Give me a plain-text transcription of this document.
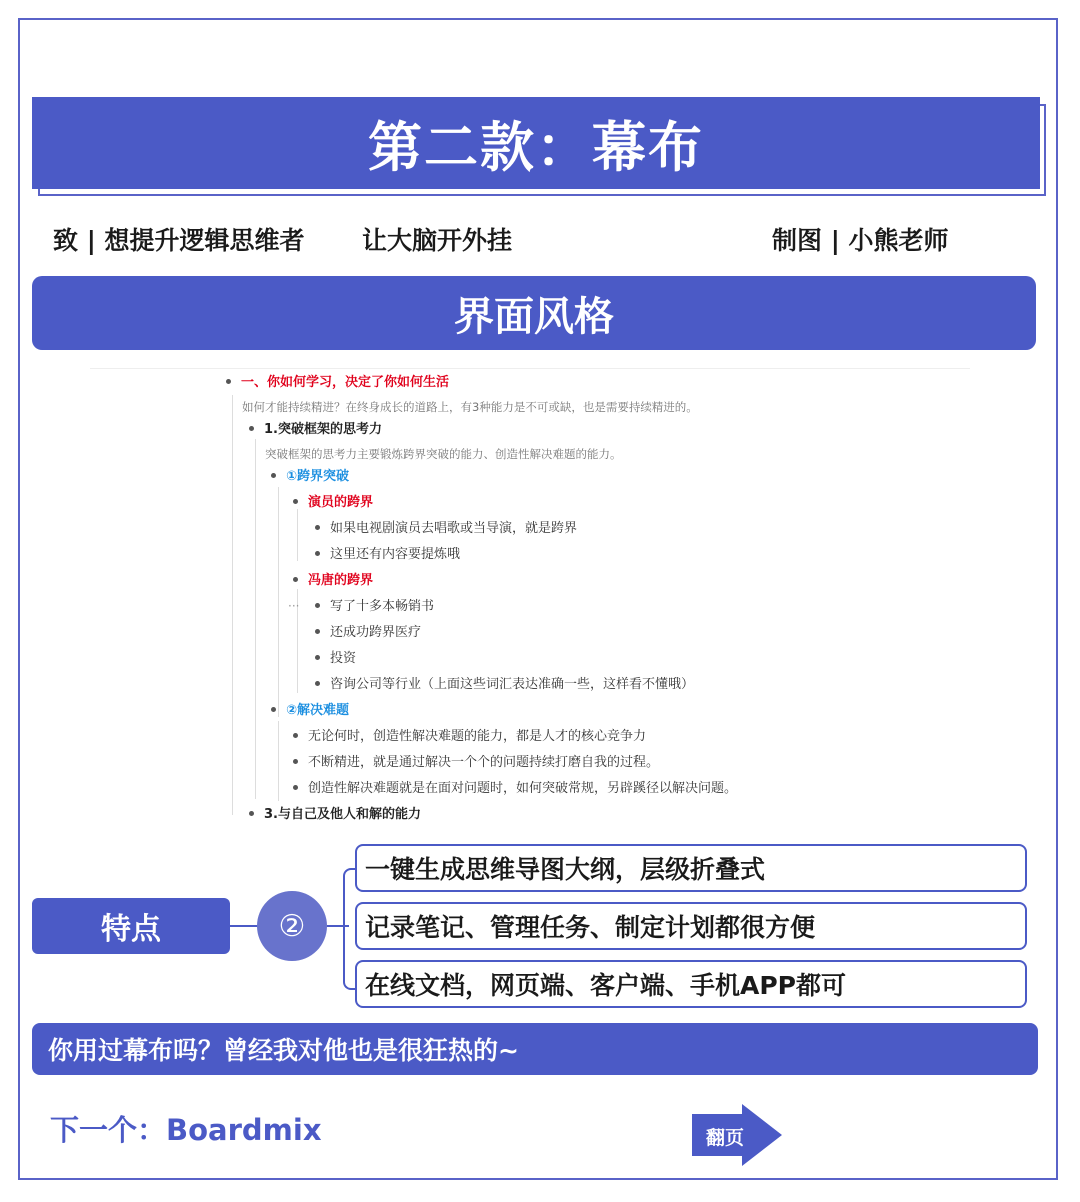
第二款：幕布
致 | 想提升逻辑思维者 让大脑开外挂	制图 | 小熊老师
界面风格
一、你如何学习，决定了你如何生活
如何才能持续精进？在终身成长的道路上，有3种能力是不可或缺，也是需要持续精进的。
1.突破框架的思考力
突破框架的思考力主要锻炼跨界突破的能力、创造性解决难题的能力。
①跨界突破
演员的跨界
如果电视剧演员去唱歌或当导演，就是跨界
这里还有内容要提炼哦
冯唐的跨界
···	写了十多本畅销书
还成功跨界医疗
投资
咨询公司等行业（上面这些词汇表达准确一些，这样看不懂哦）
②解决难题
无论何时，创造性解决难题的能力，都是人才的核心竞争力
不断精进，就是通过解决一个个的问题持续打磨自我的过程。
创造性解决难题就是在面对问题时，如何突破常规，另辟蹊径以解决问题。
3.与自己及他人和解的能力
特点	②
一键生成思维导图大纲，层级折叠式
记录笔记、管理任务、制定计划都很方便
在线文档，网页端、客户端、手机APP都可
你用过幕布吗？曾经我对他也是很狂热的~
下一个：Boardmix	翻页
